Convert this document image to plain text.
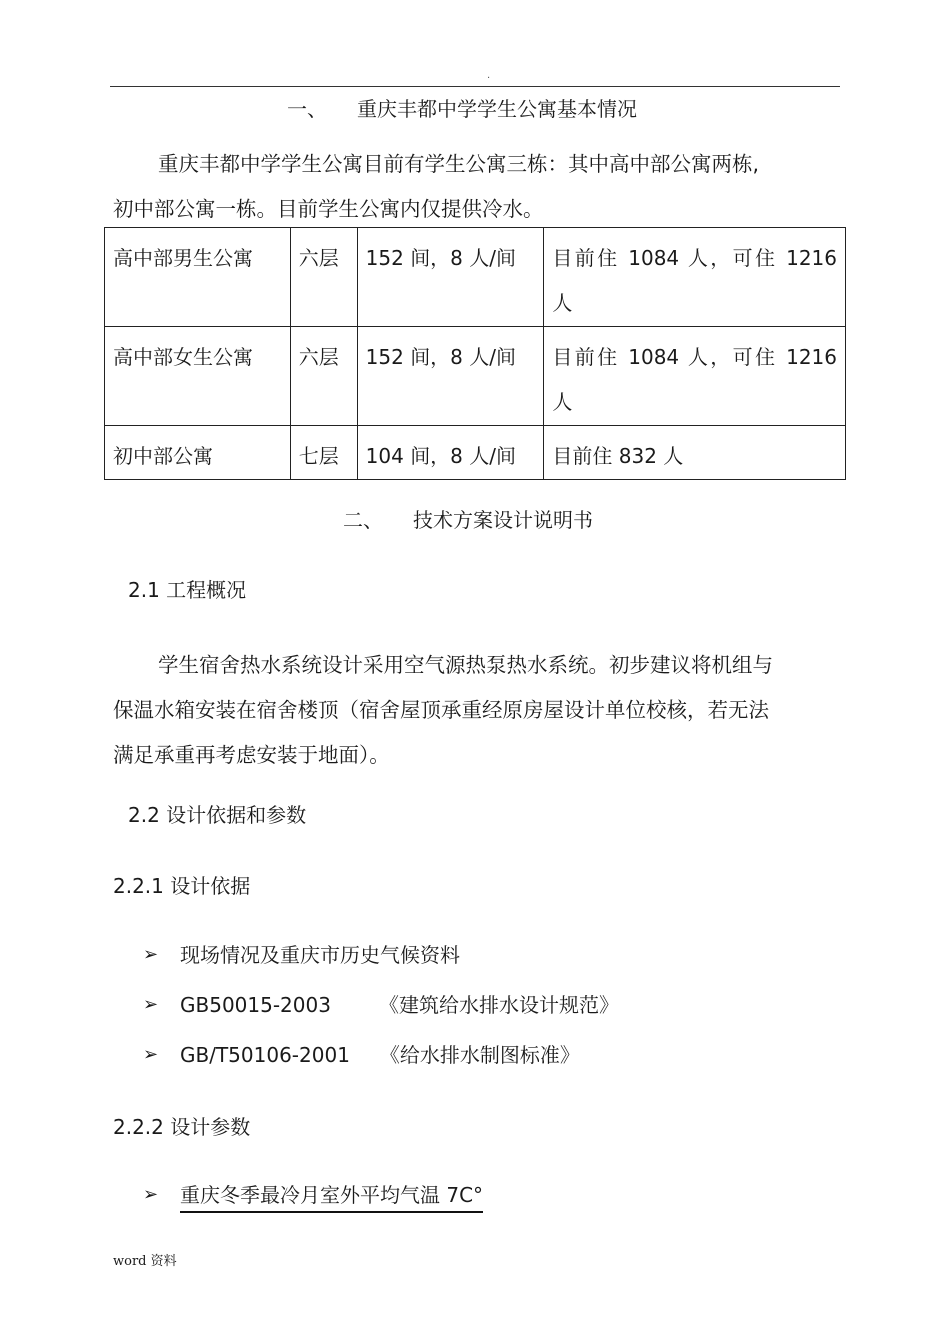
.
一、 重庆丰都中学学生公寓基本情况
重庆丰都中学学生公寓目前有学生公寓三栋：其中高中部公寓两栋,
初中部公寓一栋。目前学生公寓内仅提供冷水。
高中部男生公寓	六层	152 间，8 人/间	目前住 1084 人，可住 1216 人
高中部女生公寓	六层	152 间，8 人/间	目前住 1084 人，可住 1216 人
初中部公寓	七层	104 间，8 人/间	目前住 832 人
二、 技术方案设计说明书
2.1 工程概况
学生宿舍热水系统设计采用空气源热泵热水系统。初步建议将机组与
保温水箱安装在宿舍楼顶（宿舍屋顶承重经原房屋设计单位校核，若无法
满足承重再考虑安装于地面）。
2.2 设计依据和参数
2.2.1 设计依据
➢ 现场情况及重庆市历史气候资料
➢ GB50015-2003 《建筑给水排水设计规范》
➢ GB/T50106-2001 《给水排水制图标准》
2.2.2 设计参数
➢ 重庆冬季最冷月室外平均气温 7C°
word 资料
